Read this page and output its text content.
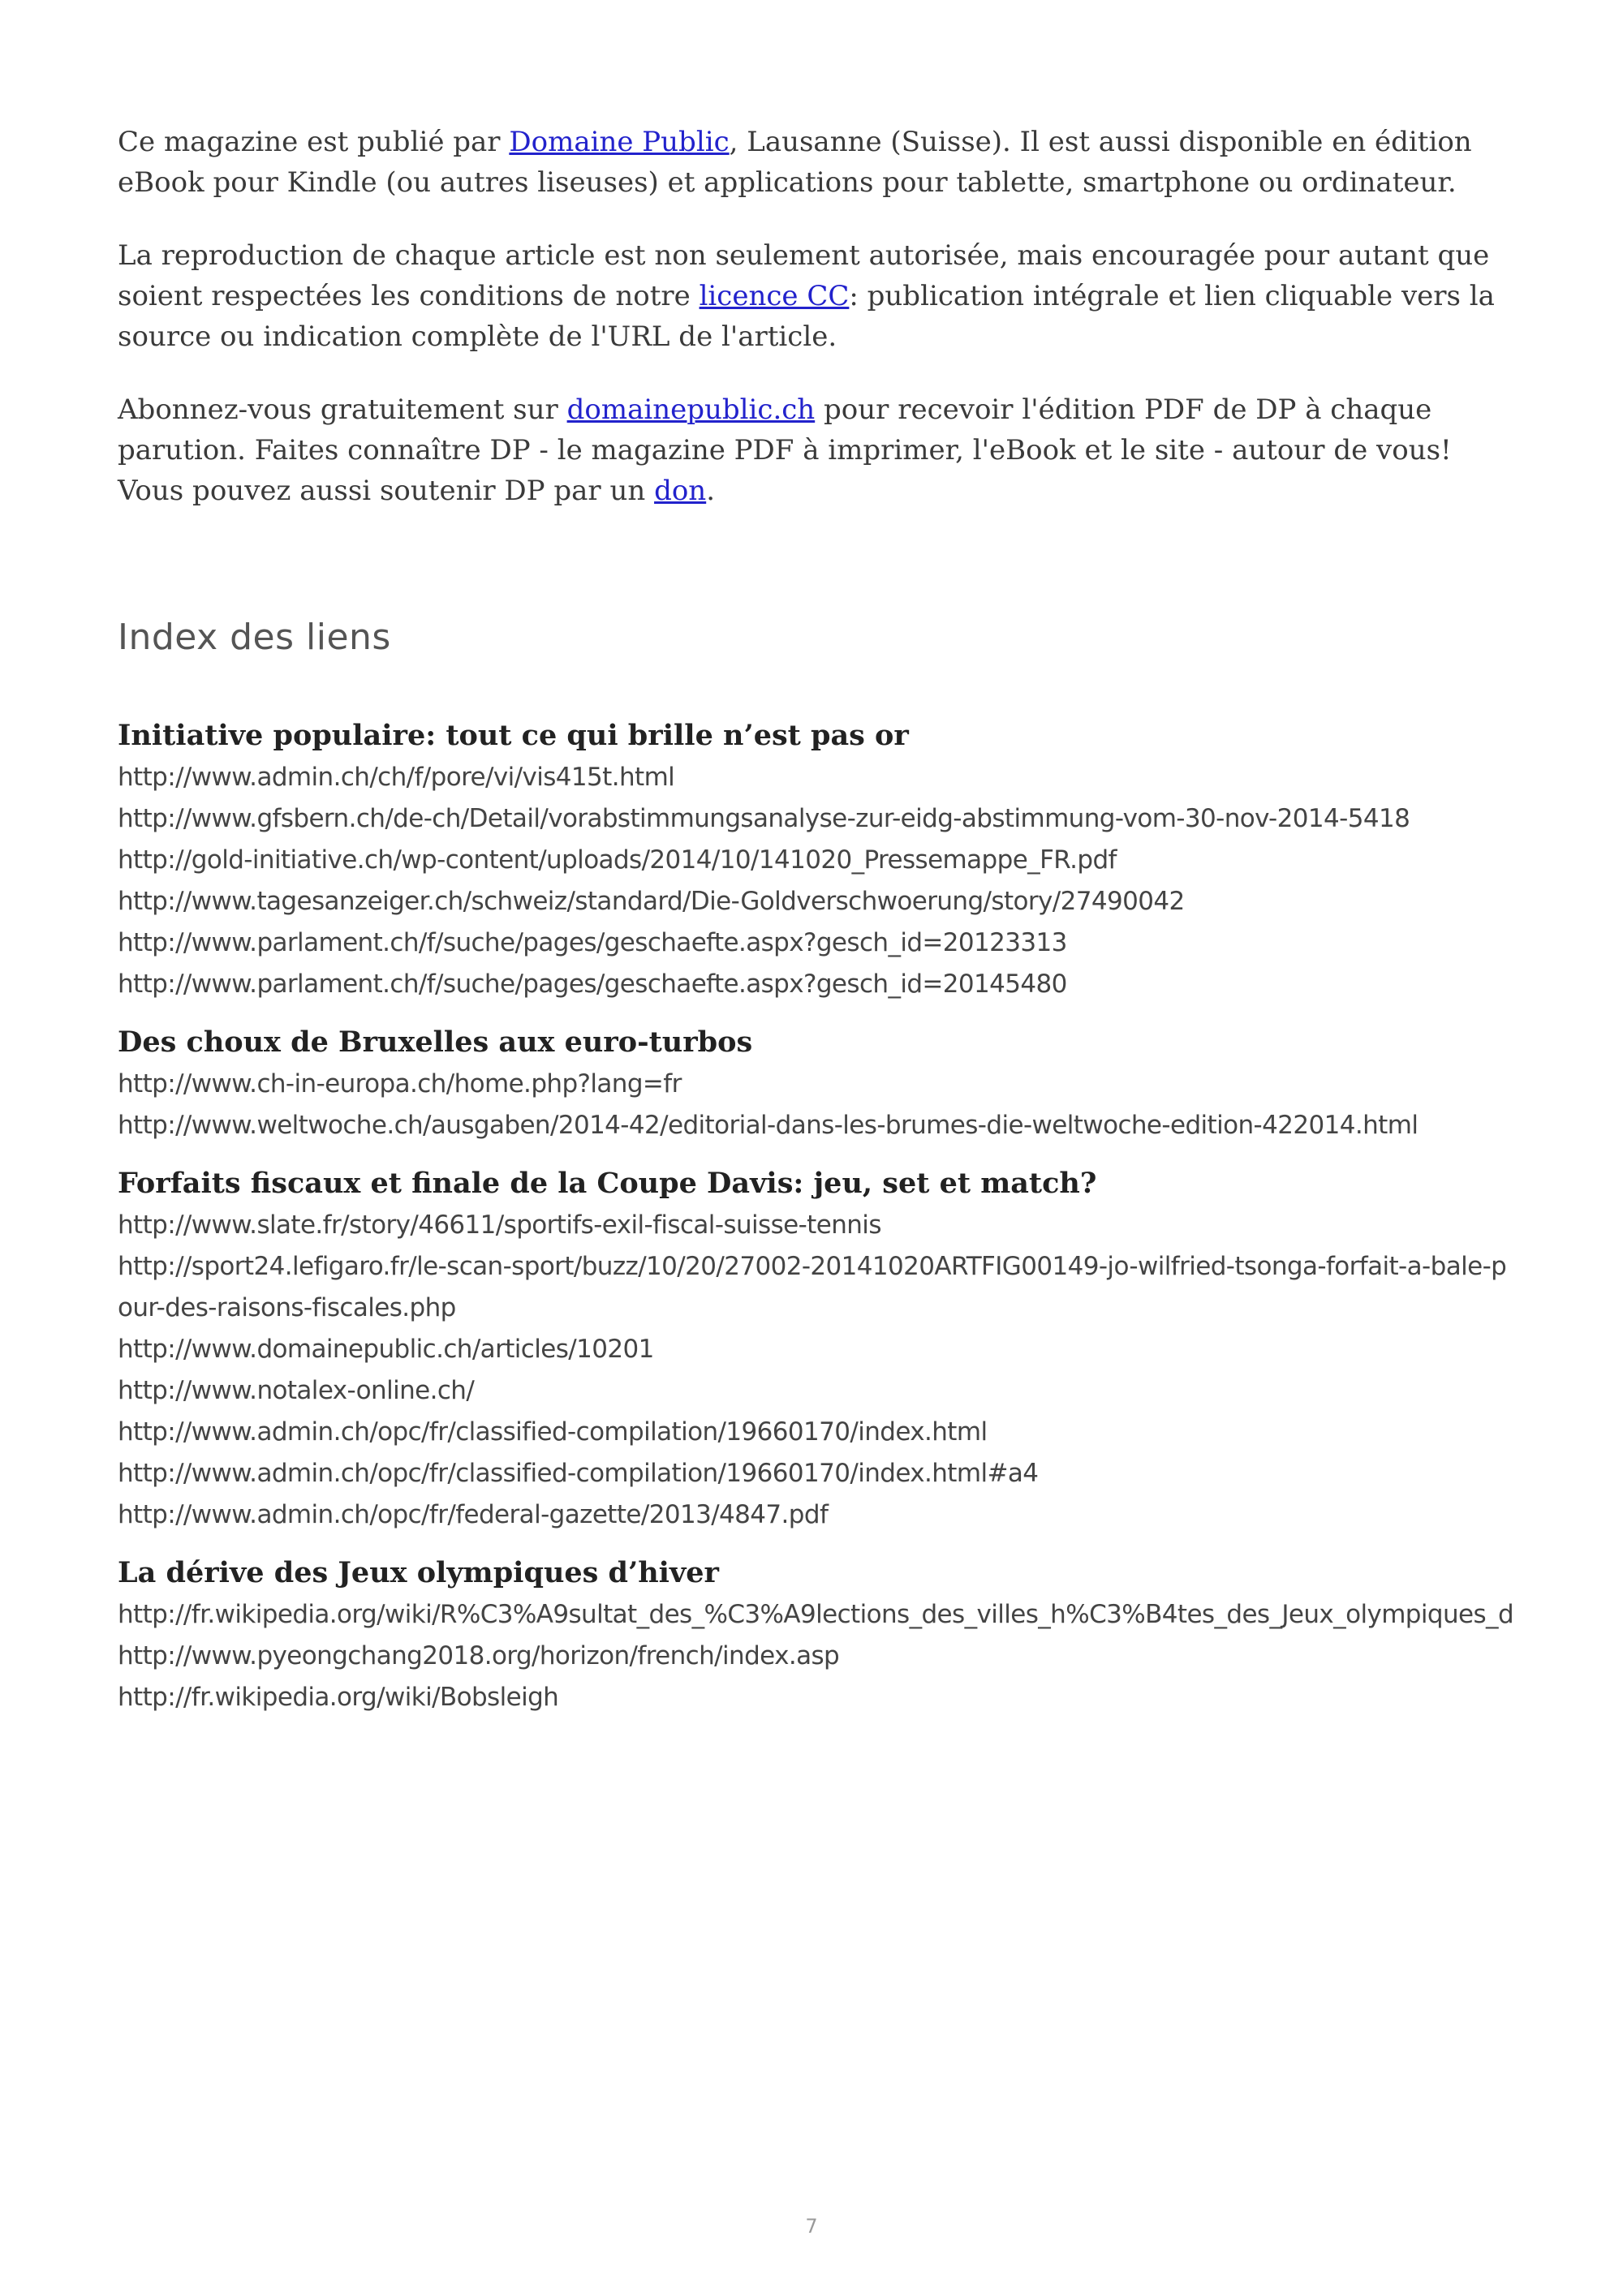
Ce magazine est publié par Domaine Public, Lausanne (Suisse). Il est aussi disponible en édition eBook pour Kindle (ou autres liseuses) et applications pour tablette, smartphone ou ordinateur.

La reproduction de chaque article est non seulement autorisée, mais encouragée pour autant que soient respectées les conditions de notre licence CC: publication intégrale et lien cliquable vers la source ou indication complète de l'URL de l'article.

Abonnez-vous gratuitement sur domainepublic.ch pour recevoir l'édition PDF de DP à chaque parution. Faites connaître DP - le magazine PDF à imprimer, l'eBook et le site - autour de vous! Vous pouvez aussi soutenir DP par un don.

Index des liens
Initiative populaire: tout ce qui brille n’est pas or
http://www.admin.ch/ch/f/pore/vi/vis415t.html
http://www.gfsbern.ch/de-ch/Detail/vorabstimmungsanalyse-zur-eidg-abstimmung-vom-30-nov-2014-5418
http://gold-initiative.ch/wp-content/uploads/2014/10/141020_Pressemappe_FR.pdf
http://www.tagesanzeiger.ch/schweiz/standard/Die-Goldverschwoerung/story/27490042
http://www.parlament.ch/f/suche/pages/geschaefte.aspx?gesch_id=20123313
http://www.parlament.ch/f/suche/pages/geschaefte.aspx?gesch_id=20145480
Des choux de Bruxelles aux euro-turbos
http://www.ch-in-europa.ch/home.php?lang=fr
http://www.weltwoche.ch/ausgaben/2014-42/editorial-dans-les-brumes-die-weltwoche-edition-422014.html
Forfaits fiscaux et finale de la Coupe Davis: jeu, set et match?
http://www.slate.fr/story/46611/sportifs-exil-fiscal-suisse-tennis
http://sport24.lefigaro.fr/le-scan-sport/buzz/10/20/27002-20141020ARTFIG00149-jo-wilfried-tsonga-forfait-a-bale-pour-des-raisons-fiscales.php
http://www.domainepublic.ch/articles/10201
http://www.notalex-online.ch/
http://www.admin.ch/opc/fr/classified-compilation/19660170/index.html
http://www.admin.ch/opc/fr/classified-compilation/19660170/index.html#a4
http://www.admin.ch/opc/fr/federal-gazette/2013/4847.pdf
La dérive des Jeux olympiques d’hiver
http://fr.wikipedia.org/wiki/R%C3%A9sultat_des_%C3%A9lections_des_villes_h%C3%B4tes_des_Jeux_olympiques_d
http://www.pyeongchang2018.org/horizon/french/index.asp
http://fr.wikipedia.org/wiki/Bobsleigh
7
